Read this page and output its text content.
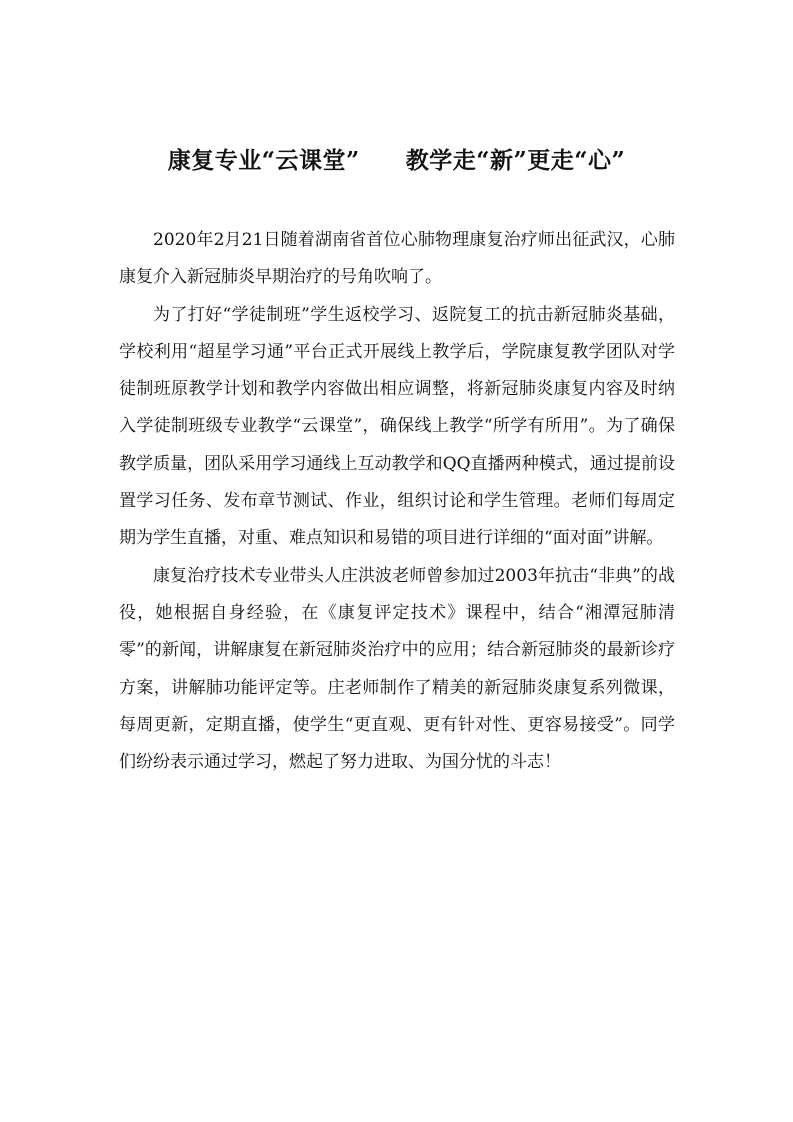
康复专业“云课堂” 教学走“新”更走“心”

2020年2月21日随着湖南省首位心肺物理康复治疗师出征武汉，心肺康复介入新冠肺炎早期治疗的号角吹响了。

为了打好“学徒制班”学生返校学习、返院复工的抗击新冠肺炎基础，学校利用“超星学习通”平台正式开展线上教学后，学院康复教学团队对学徒制班原教学计划和教学内容做出相应调整，将新冠肺炎康复内容及时纳入学徒制班级专业教学“云课堂”，确保线上教学“所学有所用”。为了确保教学质量，团队采用学习通线上互动教学和QQ直播两种模式，通过提前设置学习任务、发布章节测试、作业，组织讨论和学生管理。老师们每周定期为学生直播，对重、难点知识和易错的项目进行详细的“面对面”讲解。

康复治疗技术专业带头人庄洪波老师曾参加过2003年抗击“非典”的战役，她根据自身经验，在《康复评定技术》课程中，结合“湘潭冠肺清零”的新闻，讲解康复在新冠肺炎治疗中的应用；结合新冠肺炎的最新诊疗方案，讲解肺功能评定等。庄老师制作了精美的新冠肺炎康复系列微课，每周更新，定期直播，使学生“更直观、更有针对性、更容易接受”。同学们纷纷表示通过学习，燃起了努力进取、为国分忧的斗志！
